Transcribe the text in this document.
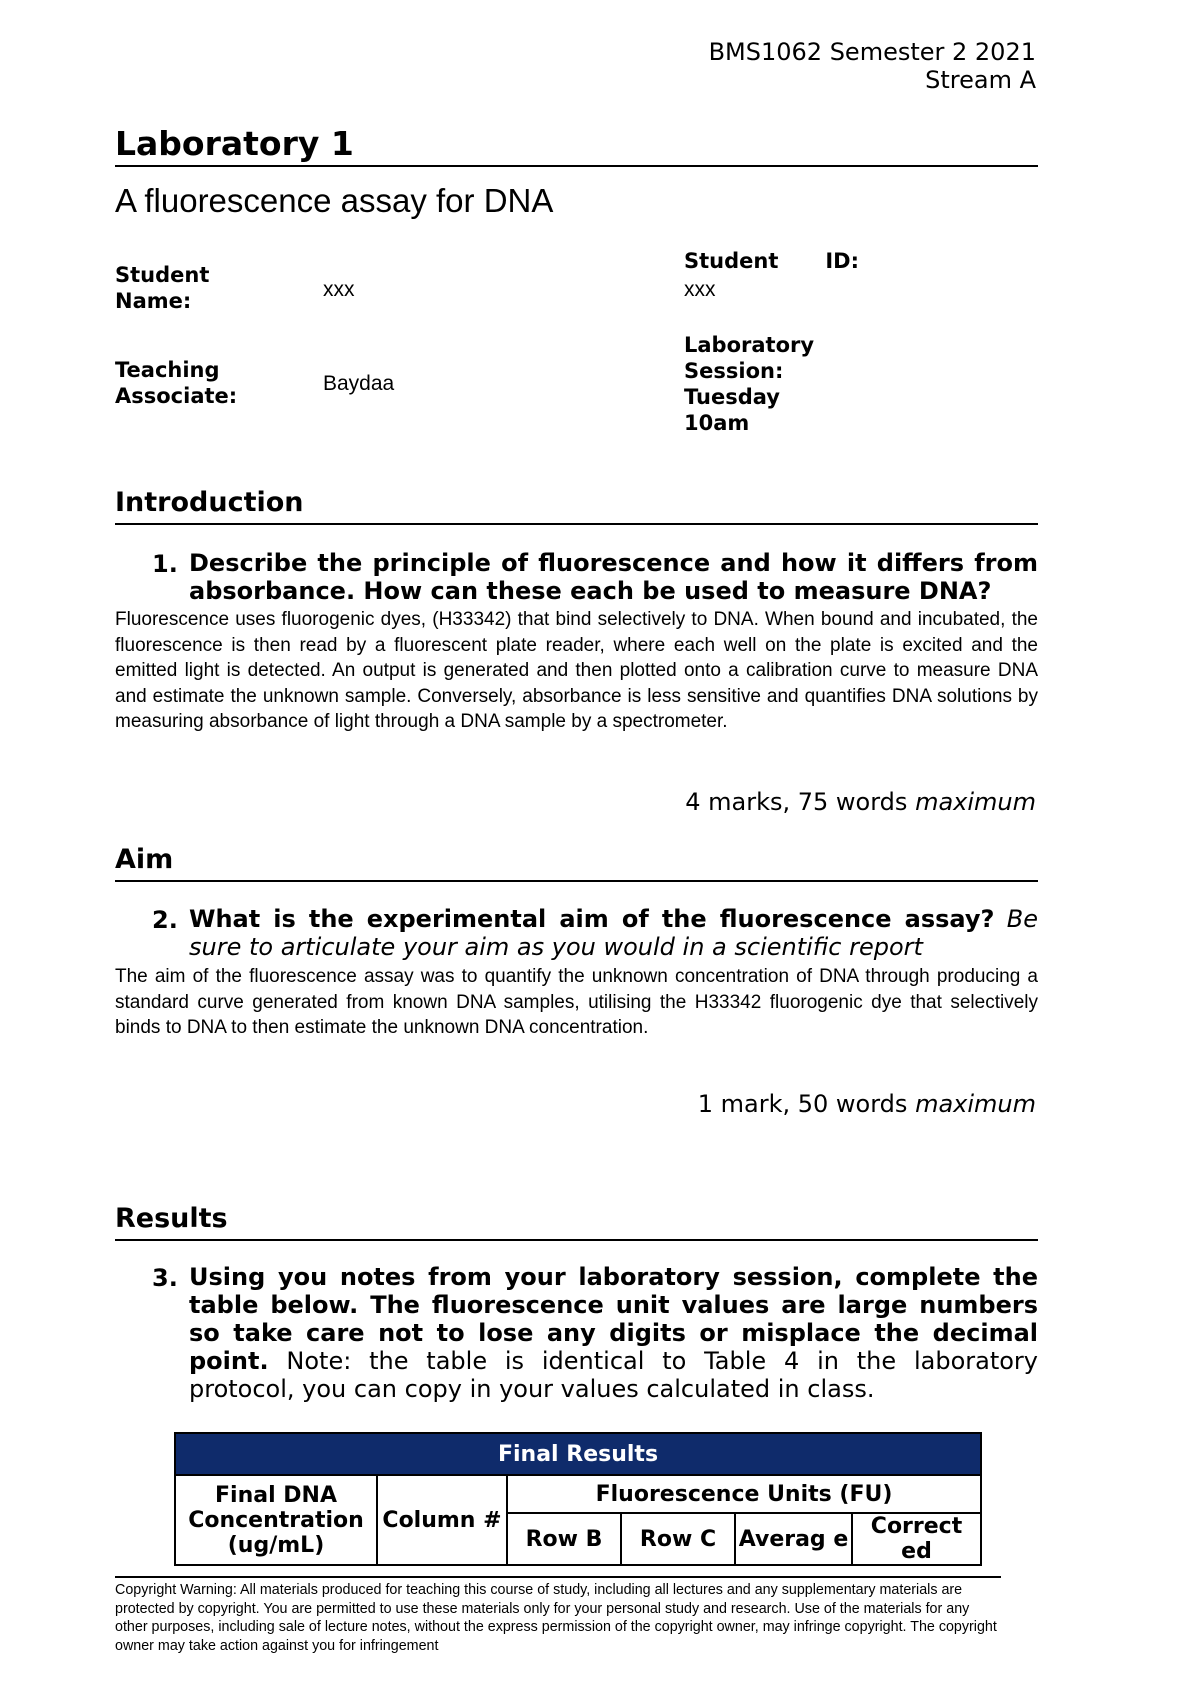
BMS1062 Semester 2 2021
Stream A
Laboratory 1
A fluorescence assay for DNA
Student
Name:	xxx
Student ID:
xxx
Teaching
Associate:
Baydaa
Laboratory
Session:
Tuesday
10am
Introduction
1. Describe the principle of fluorescence and how it differs from absorbance. How can these each be used to measure DNA?
Fluorescence uses fluorogenic dyes, (H33342) that bind selectively to DNA. When bound and incubated, the fluorescence is then read by a fluorescent plate reader, where each well on the plate is excited and the emitted light is detected. An output is generated and then plotted onto a calibration curve to measure DNA and estimate the unknown sample. Conversely, absorbance is less sensitive and quantifies DNA solutions by measuring absorbance of light through a DNA sample by a spectrometer.
4 marks, 75 words maximum
Aim
2. What is the experimental aim of the fluorescence assay? Be sure to articulate your aim as you would in a scientific report
The aim of the fluorescence assay was to quantify the unknown concentration of DNA through producing a standard curve generated from known DNA samples, utilising the H33342 fluorogenic dye that selectively binds to DNA to then estimate the unknown DNA concentration.
1 mark, 50 words maximum
Results
3. Using you notes from your laboratory session, complete the table below. The fluorescence unit values are large numbers so take care not to lose any digits or misplace the decimal point. Note: the table is identical to Table 4 in the laboratory protocol, you can copy in your values calculated in class.
Final Results					
Final DNA Concentration (ug/mL)	Column #	Fluorescence Units (FU)			
		Row B	Row C	Averag e	Correct ed
Copyright Warning: All materials produced for teaching this course of study, including all lectures and any supplementary materials are protected by copyright. You are permitted to use these materials only for your personal study and research. Use of the materials for any other purposes, including sale of lecture notes, without the express permission of the copyright owner, may infringe copyright. The copyright owner may take action against you for infringement
